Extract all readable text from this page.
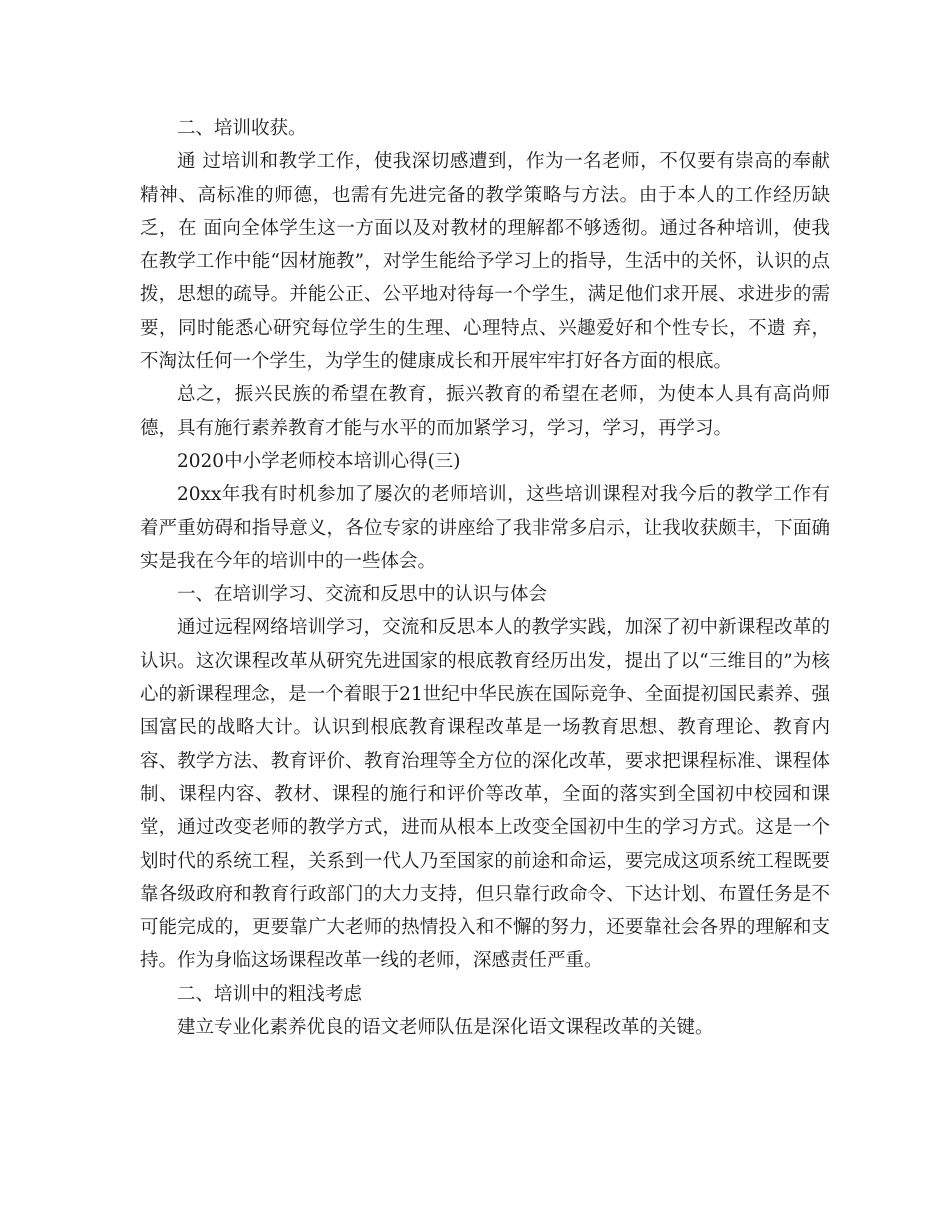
二、培训收获。

通 过培训和教学工作，使我深切感遭到，作为一名老师，不仅要有崇高的奉献精神、高标准的师德，也需有先进完备的教学策略与方法。由于本人的工作经历缺乏，在 面向全体学生这一方面以及对教材的理解都不够透彻。通过各种培训，使我在教学工作中能“因材施教”，对学生能给予学习上的指导，生活中的关怀，认识的点 拨，思想的疏导。并能公正、公平地对待每一个学生，满足他们求开展、求进步的需要，同时能悉心研究每位学生的生理、心理特点、兴趣爱好和个性专长，不遗 弃，不淘汰任何一个学生，为学生的健康成长和开展牢牢打好各方面的根底。

总之，振兴民族的希望在教育，振兴教育的希望在老师，为使本人具有高尚师德，具有施行素养教育才能与水平的而加紧学习，学习，学习，再学习。

2020中小学老师校本培训心得(三)

20xx年我有时机参加了屡次的老师培训，这些培训课程对我今后的教学工作有着严重妨碍和指导意义，各位专家的讲座给了我非常多启示，让我收获颇丰，下面确实是我在今年的培训中的一些体会。

一、在培训学习、交流和反思中的认识与体会

通过远程网络培训学习，交流和反思本人的教学实践，加深了初中新课程改革的认识。这次课程改革从研究先进国家的根底教育经历出发，提出了以“三维目的”为核心的新课程理念，是一个着眼于21世纪中华民族在国际竞争、全面提初国民素养、强国富民的战略大计。认识到根底教育课程改革是一场教育思想、教育理论、教育内容、教学方法、教育评价、教育治理等全方位的深化改革，要求把课程标准、课程体制、课程内容、教材、课程的施行和评价等改革，全面的落实到全国初中校园和课堂，通过改变老师的教学方式，进而从根本上改变全国初中生的学习方式。这是一个划时代的系统工程，关系到一代人乃至国家的前途和命运，要完成这项系统工程既要靠各级政府和教育行政部门的大力支持，但只靠行政命令、下达计划、布置任务是不可能完成的，更要靠广大老师的热情投入和不懈的努力，还要靠社会各界的理解和支持。作为身临这场课程改革一线的老师，深感责任严重。

二、培训中的粗浅考虑

建立专业化素养优良的语文老师队伍是深化语文课程改革的关键。
